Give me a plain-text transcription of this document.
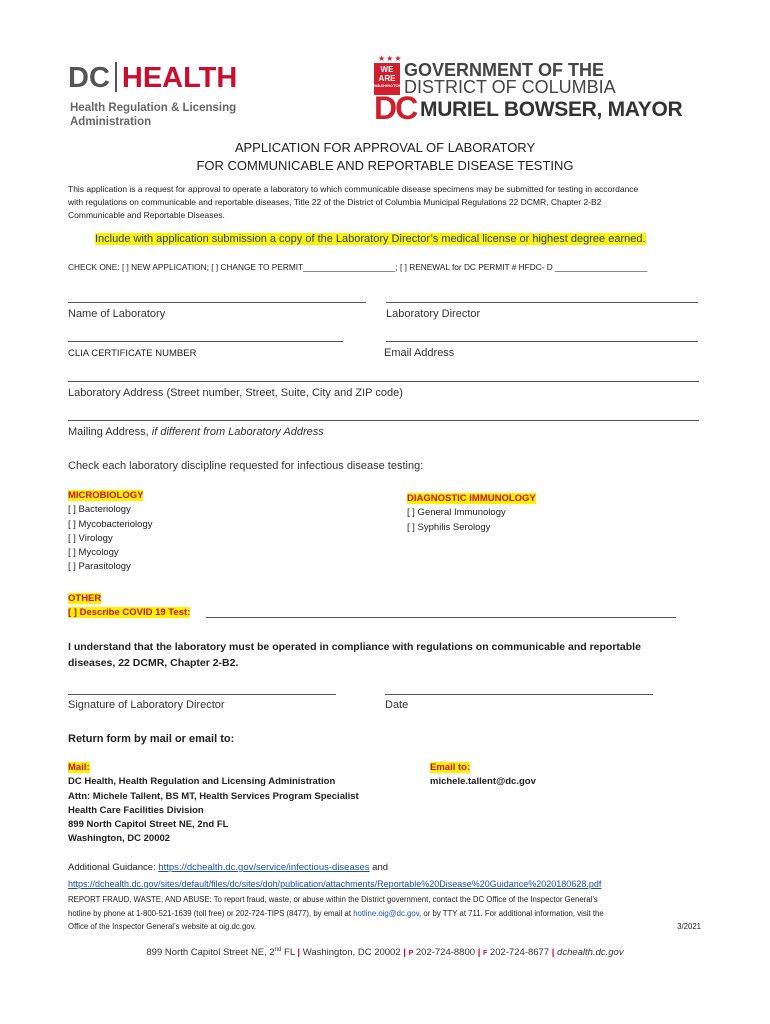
DC HEALTH
Health Regulation & Licensing
Administration
WE ARE
WASHINGTON
★★★
DC
GOVERNMENT OF THE
DISTRICT OF COLUMBIA
MURIEL BOWSER, MAYOR
APPLICATION FOR APPROVAL OF LABORATORY
FOR COMMUNICABLE AND REPORTABLE DISEASE TESTING
This application is a request for approval to operate a laboratory to which communicable disease specimens may be submitted for testing in accordance
with regulations on communicable and reportable diseases, Title 22 of the District of Columbia Municipal Regulations 22 DCMR, Chapter 2-B2
Communicable and Reportable Diseases.
Include with application submission a copy of the Laboratory Director’s medical license or highest degree earned.
CHECK ONE: [ ] NEW APPLICATION; [ ] CHANGE TO PERMIT____________________; [ ] RENEWAL for DC PERMIT # HFDC- D ____________________
Name of Laboratory	Laboratory Director
CLIA CERTIFICATE NUMBER	Email Address
Laboratory Address (Street number, Street, Suite, City and ZIP code)
Mailing Address, if different from Laboratory Address
Check each laboratory discipline requested for infectious disease testing:
MICROBIOLOGY
[ ] Bacteriology
[ ] Mycobacteriology
[ ] Virology
[ ] Mycology
[ ] Parasitology
DIAGNOSTIC IMMUNOLOGY
[ ] General Immunology
[ ] Syphilis Serology
OTHER
[ ] Describe COVID 19 Test:
I understand that the laboratory must be operated in compliance with regulations on communicable and reportable
diseases, 22 DCMR, Chapter 2-B2.
Signature of Laboratory Director	Date
Return form by mail or email to:
Mail:
DC Health, Health Regulation and Licensing Administration
Attn: Michele Tallent, BS MT, Health Services Program Specialist
Health Care Facilities Division
899 North Capitol Street NE, 2nd FL
Washington, DC 20002
Email to:
michele.tallent@dc.gov
Additional Guidance: https://dchealth.dc.gov/service/infectious-diseases and
https://dchealth.dc.gov/sites/default/files/dc/sites/doh/publication/attachments/Reportable%20Disease%20Guidance%2020180628.pdf
REPORT FRAUD, WASTE, AND ABUSE: To report fraud, waste, or abuse within the District government, contact the DC Office of the Inspector General’s
hotline by phone at 1-800-521-1639 (toll free) or 202-724-TIPS (8477), by email at hotline.oig@dc.gov, or by TTY at 711. For additional information, visit the
Office of the Inspector General’s website at oig.dc.gov.	3/2021
899 North Capitol Street NE, 2nd FL | Washington, DC 20002 | P 202-724-8800 | F 202-724-8677 | dchealth.dc.gov
